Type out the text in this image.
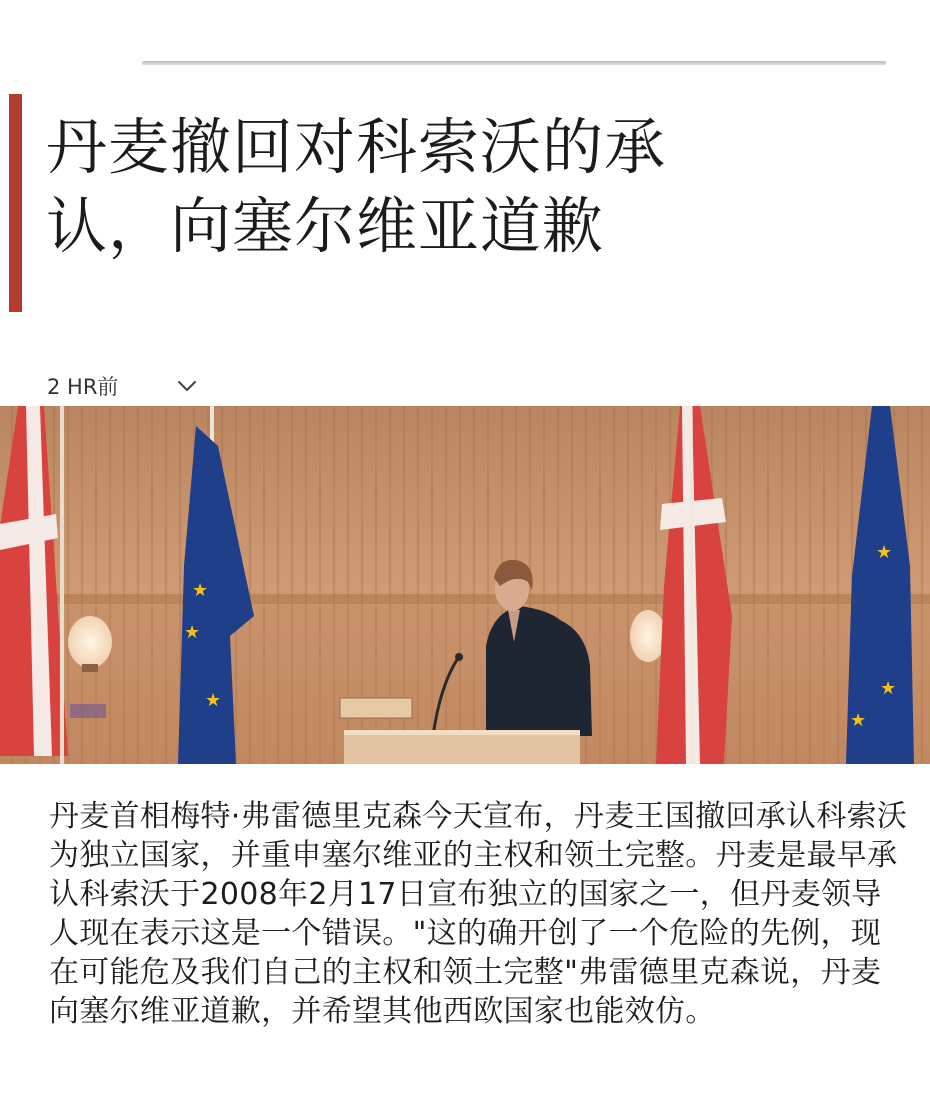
丹麦撤回对科索沃的承认，向塞尔维亚道歉
2 HR前
★
★
★
★
★
★

丹麦首相梅特·弗雷德里克森今天宣布，丹麦王国撤回承认科索沃为独立国家，并重申塞尔维亚的主权和领土完整。丹麦是最早承认科索沃于2008年2月17日宣布独立的国家之一，但丹麦领导人现在表示这是一个错误。"这的确开创了一个危险的先例，现在可能危及我们自己的主权和领土完整"弗雷德里克森说，丹麦向塞尔维亚道歉，并希望其他西欧国家也能效仿。
